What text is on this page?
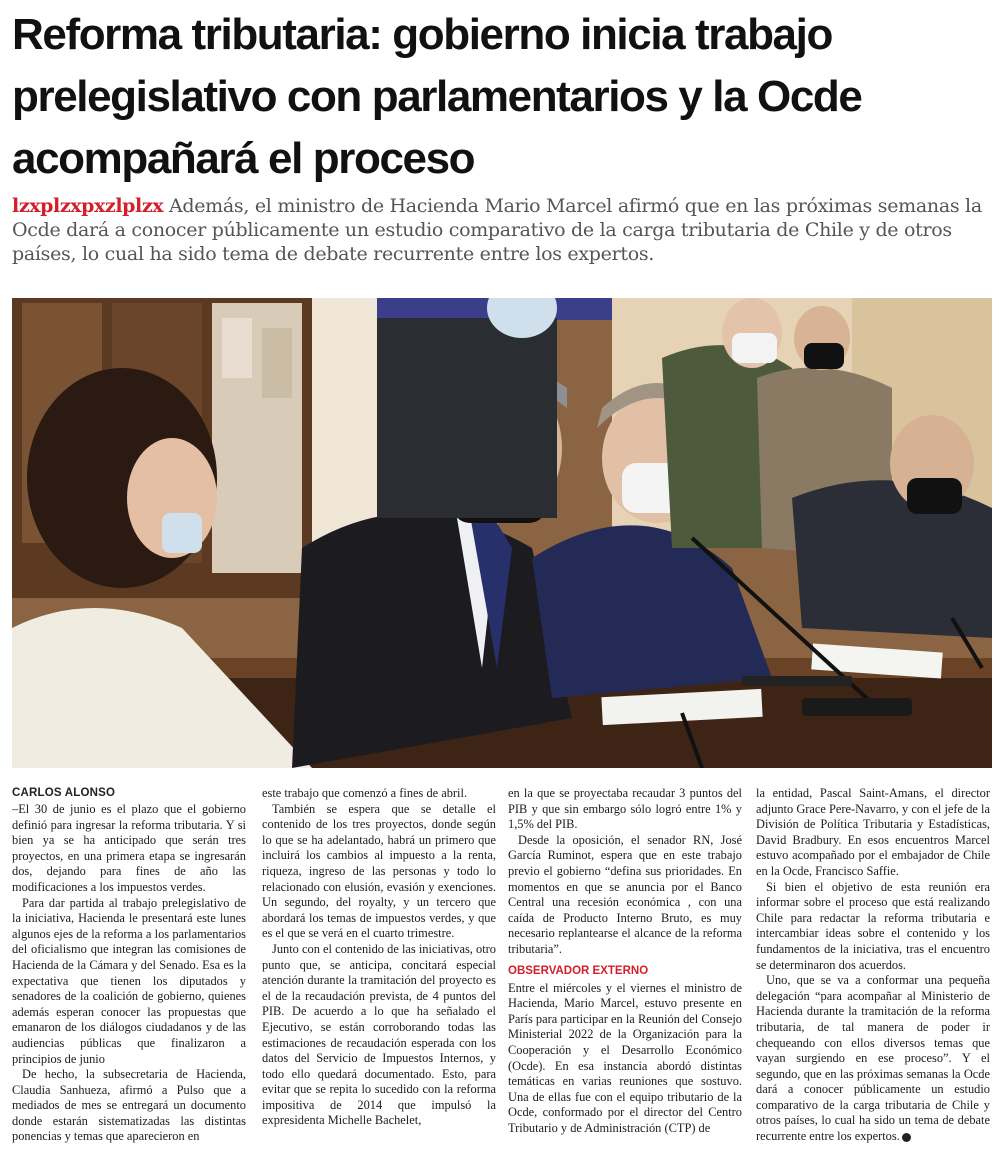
Reforma tributaria: gobierno inicia trabajo prelegislativo con parlamentarios y la Ocde acompañará el proceso

lzxplzxpxzlplzx Además, el ministro de Hacienda Mario Marcel afirmó que en las próximas semanas la Ocde dará a conocer públicamente un estudio comparativo de la carga tributaria de Chile y de otros países, lo cual ha sido tema de debate recurrente entre los expertos.

CARLOS ALONSO

–El 30 de junio es el plazo que el gobierno definió para ingresar la reforma tributaria. Y si bien ya se ha anticipado que serán tres proyectos, en una primera etapa se ingresarán dos, dejando para fines de año las modificaciones a los impuestos verdes.

Para dar partida al trabajo prelegislativo de la iniciativa, Hacienda le presentará este lunes algunos ejes de la reforma a los parlamentarios del oficialismo que integran las comisiones de Hacienda de la Cámara y del Senado. Esa es la expectativa que tienen los diputados y senadores de la coalición de gobierno, quienes además esperan conocer las propuestas que emanaron de los diálogos ciudadanos y de las audiencias públicas que finalizaron a principios de junio

De hecho, la subsecretaria de Hacienda, Claudia Sanhueza, afirmó a Pulso que a mediados de mes se entregará un documento donde estarán sistematizadas las distintas ponencias y temas que aparecieron en

este trabajo que comenzó a fines de abril.

También se espera que se detalle el contenido de los tres proyectos, donde según lo que se ha adelantado, habrá un primero que incluirá los cambios al impuesto a la renta, riqueza, ingreso de las personas y todo lo relacionado con elusión, evasión y exenciones. Un segundo, del royalty, y un tercero que abordará los temas de impuestos verdes, y que es el que se verá en el cuarto trimestre.

Junto con el contenido de las iniciativas, otro punto que, se anticipa, concitará especial atención durante la tramitación del proyecto es el de la recaudación prevista, de 4 puntos del PIB. De acuerdo a lo que ha señalado el Ejecutivo, se están corroborando todas las estimaciones de recaudación esperada con los datos del Servicio de Impuestos Internos, y todo ello quedará documentado. Esto, para evitar que se repita lo sucedido con la reforma impositiva de 2014 que impulsó la expresidenta Michelle Bachelet,

en la que se proyectaba recaudar 3 puntos del PIB y que sin embargo sólo logró entre 1% y 1,5% del PIB.

Desde la oposición, el senador RN, José García Ruminot, espera que en este trabajo previo el gobierno “defina sus prioridades. En momentos en que se anuncia por el Banco Central una recesión económica , con una caída de Producto Interno Bruto, es muy necesario replantearse el alcance de la reforma tributaria”.

OBSERVADOR EXTERNO

Entre el miércoles y el viernes el ministro de Hacienda, Mario Marcel, estuvo presente en París para participar en la Reunión del Consejo Ministerial 2022 de la Organización para la Cooperación y el Desarrollo Económico (Ocde). En esa instancia abordó distintas temáticas en varias reuniones que sostuvo. Una de ellas fue con el equipo tributario de la Ocde, conformado por el director del Centro Tributario y de Administración (CTP) de

la entidad, Pascal Saint-Amans, el director adjunto Grace Pere-Navarro, y con el jefe de la División de Política Tributaria y Estadísticas, David Bradbury. En esos encuentros Marcel estuvo acompañado por el embajador de Chile en la Ocde, Francisco Saffie.

Si bien el objetivo de esta reunión era informar sobre el proceso que está realizando Chile para redactar la reforma tributaria e intercambiar ideas sobre el contenido y los fundamentos de la iniciativa, tras el encuentro se determinaron dos acuerdos.

Uno, que se va a conformar una pequeña delegación “para acompañar al Ministerio de Hacienda durante la tramitación de la reforma tributaria, de tal manera de poder ir chequeando con ellos diversos temas que vayan surgiendo en ese proceso”. Y el segundo, que en las próximas semanas la Ocde dará a conocer públicamente un estudio comparativo de la carga tributaria de Chile y otros países, lo cual ha sido un tema de debate recurrente entre los expertos.
